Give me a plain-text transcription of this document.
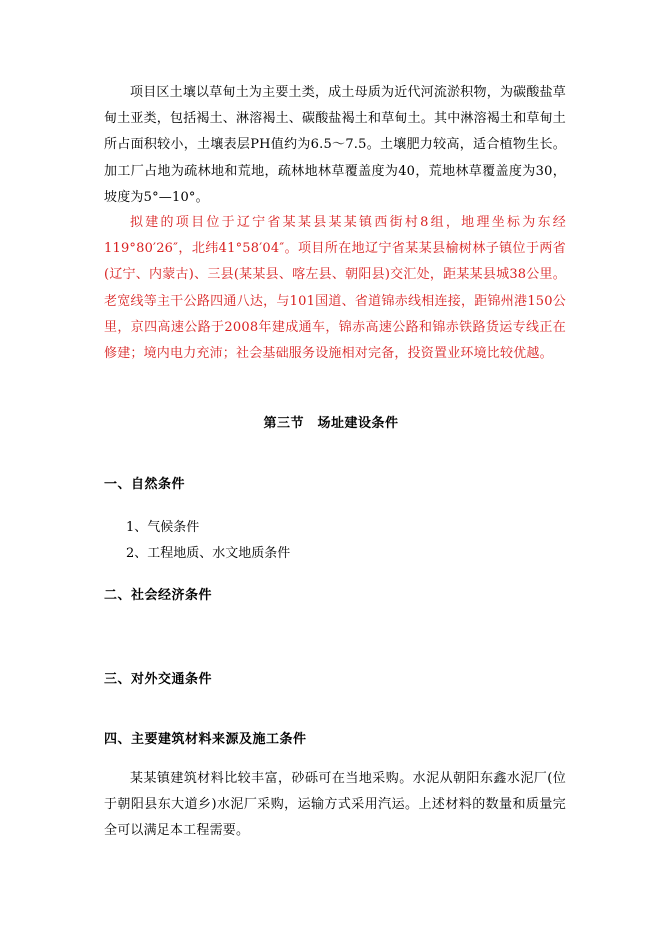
项目区土壤以草甸土为主要土类，成土母质为近代河流淤积物，为碳酸盐草甸土亚类，包括褐土、淋溶褐土、碳酸盐褐土和草甸土。其中淋溶褐土和草甸土所占面积较小，土壤表层PH值约为6.5～7.5。土壤肥力较高，适合植物生长。加工厂占地为疏林地和荒地，疏林地林草覆盖度为40，荒地林草覆盖度为30，坡度为5°—10°。

拟建的项目位于辽宁省某某县某某镇西街村8组，地理坐标为东经119°80′26″，北纬41°58′04″。项目所在地辽宁省某某县榆树林子镇位于两省(辽宁、内蒙古)、三县(某某县、喀左县、朝阳县)交汇处，距某某县城38公里。老宽线等主干公路四通八达，与101国道、省道锦赤线相连接，距锦州港150公里，京四高速公路于2008年建成通车，锦赤高速公路和锦赤铁路货运专线正在修建；境内电力充沛；社会基础服务设施相对完备，投资置业环境比较优越。

第三节　场址建设条件
一、自然条件

1、气候条件

2、工程地质、水文地质条件

二、社会经济条件
三、对外交通条件
四、主要建筑材料来源及施工条件

某某镇建筑材料比较丰富，砂砾可在当地采购。水泥从朝阳东鑫水泥厂(位于朝阳县东大道乡)水泥厂采购，运输方式采用汽运。上述材料的数量和质量完全可以满足本工程需要。
